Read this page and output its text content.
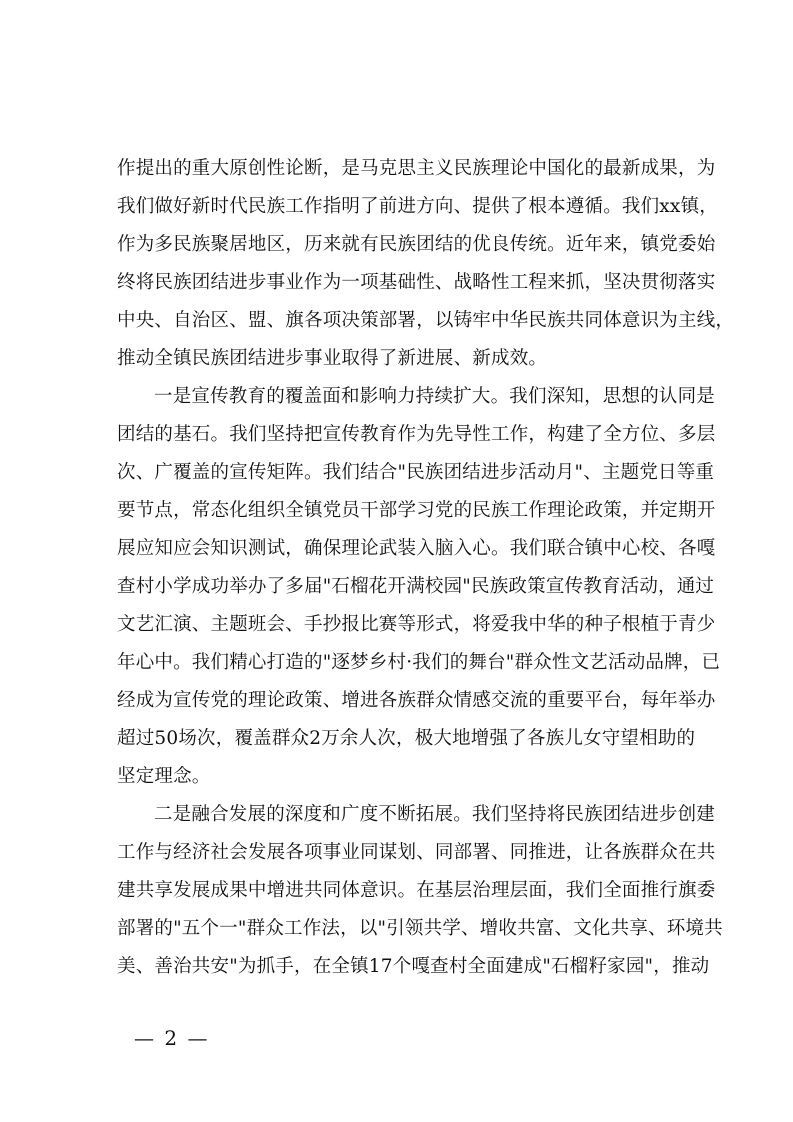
作提出的重大原创性论断，是马克思主义民族理论中国化的最新成果，为
我们做好新时代民族工作指明了前进方向、提供了根本遵循。我们xx镇，
作为多民族聚居地区，历来就有民族团结的优良传统。近年来，镇党委始
终将民族团结进步事业作为一项基础性、战略性工程来抓，坚决贯彻落实
中央、自治区、盟、旗各项决策部署，以铸牢中华民族共同体意识为主线，
推动全镇民族团结进步事业取得了新进展、新成效。

一是宣传教育的覆盖面和影响力持续扩大。我们深知，思想的认同是
团结的基石。我们坚持把宣传教育作为先导性工作，构建了全方位、多层
次、广覆盖的宣传矩阵。我们结合"民族团结进步活动月"、主题党日等重
要节点，常态化组织全镇党员干部学习党的民族工作理论政策，并定期开
展应知应会知识测试，确保理论武装入脑入心。我们联合镇中心校、各嘎
查村小学成功举办了多届"石榴花开满校园"民族政策宣传教育活动，通过
文艺汇演、主题班会、手抄报比赛等形式，将爱我中华的种子根植于青少
年心中。我们精心打造的"逐梦乡村·我们的舞台"群众性文艺活动品牌，已
经成为宣传党的理论政策、增进各族群众情感交流的重要平台，每年举办
超过50场次，覆盖群众2万余人次，极大地增强了各族儿女守望相助的
坚定理念。

二是融合发展的深度和广度不断拓展。我们坚持将民族团结进步创建
工作与经济社会发展各项事业同谋划、同部署、同推进，让各族群众在共
建共享发展成果中增进共同体意识。在基层治理层面，我们全面推行旗委
部署的"五个一"群众工作法，以"引领共学、增收共富、文化共享、环境共
美、善治共安"为抓手，在全镇17个嘎查村全面建成"石榴籽家园"，推动

— 2 —
